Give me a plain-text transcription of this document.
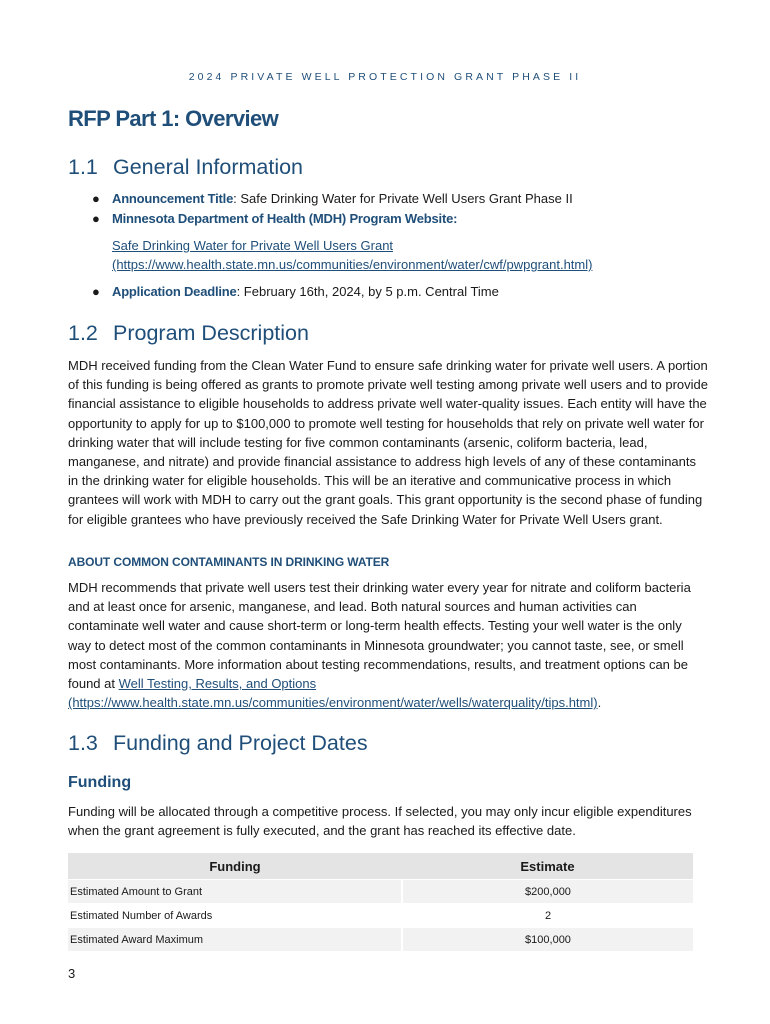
2024 PRIVATE WELL PROTECTION GRANT PHASE II
RFP Part 1: Overview
1.1 General Information
● Announcement Title: Safe Drinking Water for Private Well Users Grant Phase II
● Minnesota Department of Health (MDH) Program Website:
Safe Drinking Water for Private Well Users Grant
(https://www.health.state.mn.us/communities/environment/water/cwf/pwpgrant.html)
● Application Deadline: February 16th, 2024, by 5 p.m. Central Time
1.2 Program Description

MDH received funding from the Clean Water Fund to ensure safe drinking water for private well users. A portion of this funding is being offered as grants to promote private well testing among private well users and to provide financial assistance to eligible households to address private well water-quality issues. Each entity will have the opportunity to apply for up to $100,000 to promote well testing for households that rely on private well water for drinking water that will include testing for five common contaminants (arsenic, coliform bacteria, lead, manganese, and nitrate) and provide financial assistance to address high levels of any of these contaminants in the drinking water for eligible households. This will be an iterative and communicative process in which grantees will work with MDH to carry out the grant goals. This grant opportunity is the second phase of funding for eligible grantees who have previously received the Safe Drinking Water for Private Well Users grant.

ABOUT COMMON CONTAMINANTS IN DRINKING WATER

MDH recommends that private well users test their drinking water every year for nitrate and coliform bacteria and at least once for arsenic, manganese, and lead. Both natural sources and human activities can contaminate well water and cause short-term or long-term health effects. Testing your well water is the only way to detect most of the common contaminants in Minnesota groundwater; you cannot taste, see, or smell most contaminants. More information about testing recommendations, results, and treatment options can be found at Well Testing, Results, and Options
(https://www.health.state.mn.us/communities/environment/water/wells/waterquality/tips.html).

1.3 Funding and Project Dates
Funding

Funding will be allocated through a competitive process. If selected, you may only incur eligible expenditures when the grant agreement is fully executed, and the grant has reached its effective date.

Funding	Estimate
Estimated Amount to Grant	$200,000
Estimated Number of Awards	2
Estimated Award Maximum	$100,000
3
